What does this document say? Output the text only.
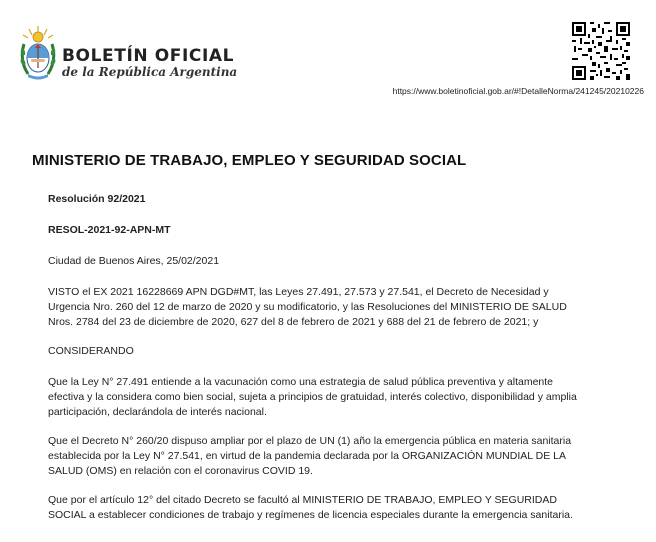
BOLETÍN OFICIAL
de la República Argentina
https://www.boletinoficial.gob.ar/#!DetalleNorma/241245/20210226
MINISTERIO DE TRABAJO, EMPLEO Y SEGURIDAD SOCIAL

Resolución 92/2021

RESOL-2021-92-APN-MT

Ciudad de Buenos Aires, 25/02/2021

VISTO el EX 2021 16228669 APN DGD#MT, las Leyes 27.491, 27.573 y 27.541, el Decreto de Necesidad y Urgencia Nro. 260 del 12 de marzo de 2020 y su modificatorio, y las Resoluciones del MINISTERIO DE SALUD Nros. 2784 del 23 de diciembre de 2020, 627 del 8 de febrero de 2021 y 688 del 21 de febrero de 2021; y

CONSIDERANDO

Que la Ley N° 27.491 entiende a la vacunación como una estrategia de salud pública preventiva y altamente efectiva y la considera como bien social, sujeta a principios de gratuidad, interés colectivo, disponibilidad y amplia participación, declarándola de interés nacional.

Que el Decreto N° 260/20 dispuso ampliar por el plazo de UN (1) año la emergencia pública en materia sanitaria establecida por la Ley N° 27.541, en virtud de la pandemia declarada por la ORGANIZACIÓN MUNDIAL DE LA SALUD (OMS) en relación con el coronavirus COVID 19.

Que por el artículo 12° del citado Decreto se facultó al MINISTERIO DE TRABAJO, EMPLEO Y SEGURIDAD SOCIAL a establecer condiciones de trabajo y regímenes de licencia especiales durante la emergencia sanitaria.
